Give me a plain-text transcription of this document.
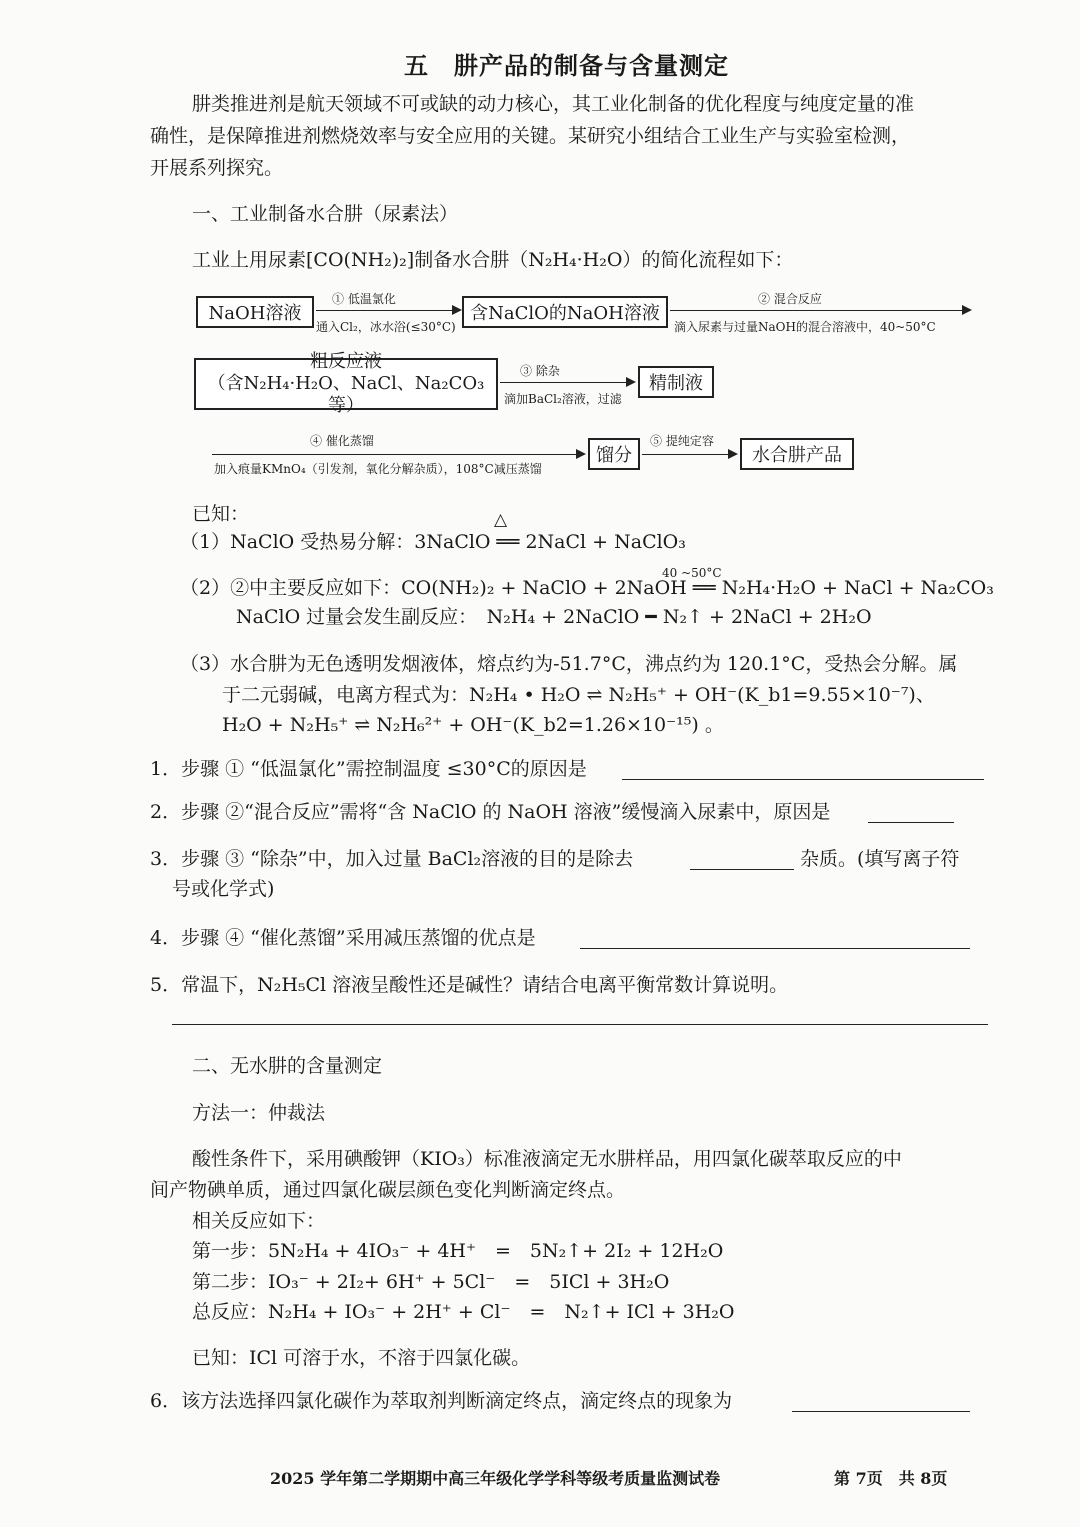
五　肼产品的制备与含量测定
肼类推进剂是航天领域不可或缺的动力核心，其工业化制备的优化程度与纯度定量的准
确性，是保障推进剂燃烧效率与安全应用的关键。某研究小组结合工业生产与实验室检测，
开展系列探究。
一、工业制备水合肼（尿素法）
工业上用尿素[CO(NH₂)₂]制备水合肼（N₂H₄·H₂O）的简化流程如下：
NaOH溶液
① 低温氯化
通入Cl₂，冰水浴(≤30°C)
含NaClO的NaOH溶液
② 混合反应
滴入尿素与过量NaOH的混合溶液中，40~50°C
粗反应液
（含N₂H₄·H₂O、NaCl、Na₂CO₃等）
③ 除杂
滴加BaCl₂溶液，过滤
精制液
④ 催化蒸馏
加入痕量KMnO₄（引发剂，氧化分解杂质），108°C减压蒸馏
馏分
⑤ 提纯定容
水合肼产品
已知：	△
（1）NaClO 受热易分解：3NaClO ══ 2NaCl + NaClO₃
40 ~50°C
（2）②中主要反应如下：CO(NH₂)₂ + NaClO + 2NaOH ══ N₂H₄·H₂O + NaCl + Na₂CO₃
NaClO 过量会发生副反应：　N₂H₄ + 2NaClO ━ N₂↑ + 2NaCl + 2H₂O
（3）水合肼为无色透明发烟液体，熔点约为-51.7°C，沸点约为 120.1°C，受热会分解。属
于二元弱碱，电离方程式为：N₂H₄ • H₂O ⇌ N₂H₅⁺ + OH⁻(K_b1=9.55×10⁻⁷)、
H₂O + N₂H₅⁺ ⇌ N₂H₆²⁺ + OH⁻(K_b2=1.26×10⁻¹⁵) 。
1．步骤 ① “低温氯化”需控制温度 ≤30°C的原因是
2．步骤 ②“混合反应”需将“含 NaClO 的 NaOH 溶液”缓慢滴入尿素中，原因是
3．步骤 ③ “除杂”中，加入过量 BaCl₂溶液的目的是除去	杂质。(填写离子符
号或化学式)
4．步骤 ④ “催化蒸馏”采用减压蒸馏的优点是
5．常温下，N₂H₅Cl 溶液呈酸性还是碱性？请结合电离平衡常数计算说明。
二、无水肼的含量测定
方法一：仲裁法
酸性条件下，采用碘酸钾（KIO₃）标准液滴定无水肼样品，用四氯化碳萃取反应的中
间产物碘单质，通过四氯化碳层颜色变化判断滴定终点。
相关反应如下：
第一步：5N₂H₄ + 4IO₃⁻ + 4H⁺　=　5N₂↑+ 2I₂ + 12H₂O
第二步：IO₃⁻ + 2I₂+ 6H⁺ + 5Cl⁻　=　5ICl + 3H₂O
总反应：N₂H₄ + IO₃⁻ + 2H⁺ + Cl⁻　=　N₂↑+ ICl + 3H₂O
已知：ICl 可溶于水，不溶于四氯化碳。
6．该方法选择四氯化碳作为萃取剂判断滴定终点，滴定终点的现象为
2025 学年第二学期期中高三年级化学学科等级考质量监测试卷	第 7页　共 8页
